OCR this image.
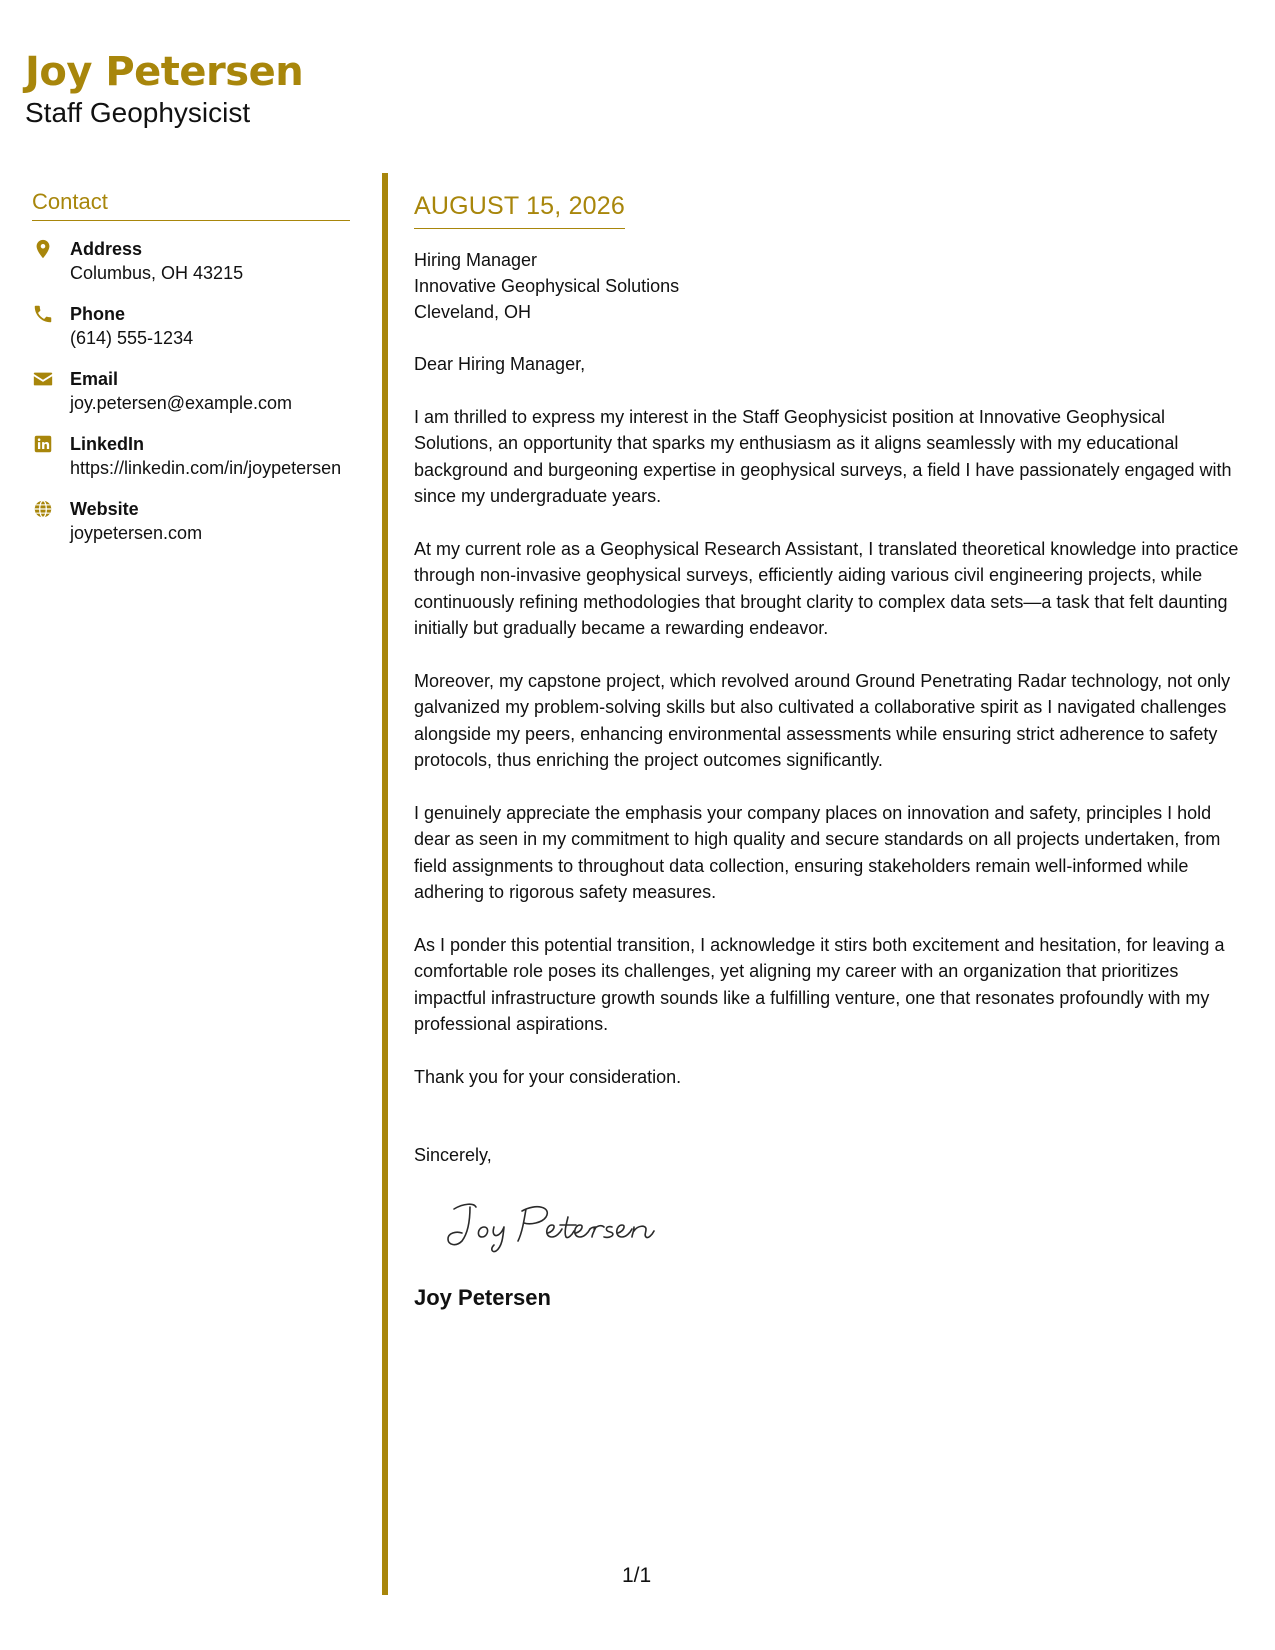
Joy Petersen
Staff Geophysicist
Contact
Address
Columbus, OH 43215
Phone
(614) 555-1234
Email
joy.petersen@example.com
LinkedIn
https://linkedin.com/in/joypetersen
Website
joypetersen.com
AUGUST 15, 2026
Hiring Manager
Innovative Geophysical Solutions
Cleveland, OH
Dear Hiring Manager,
I am thrilled to express my interest in the Staff Geophysicist position at Innovative Geophysical Solutions, an opportunity that sparks my enthusiasm as it aligns seamlessly with my educational background and burgeoning expertise in geophysical surveys, a field I have passionately engaged with since my undergraduate years.
At my current role as a Geophysical Research Assistant, I translated theoretical knowledge into practice through non-invasive geophysical surveys, efficiently aiding various civil engineering projects, while continuously refining methodologies that brought clarity to complex data sets—a task that felt daunting initially but gradually became a rewarding endeavor.
Moreover, my capstone project, which revolved around Ground Penetrating Radar technology, not only galvanized my problem-solving skills but also cultivated a collaborative spirit as I navigated challenges alongside my peers, enhancing environmental assessments while ensuring strict adherence to safety protocols, thus enriching the project outcomes significantly.
I genuinely appreciate the emphasis your company places on innovation and safety, principles I hold dear as seen in my commitment to high quality and secure standards on all projects undertaken, from field assignments to throughout data collection, ensuring stakeholders remain well-informed while adhering to rigorous safety measures.
As I ponder this potential transition, I acknowledge it stirs both excitement and hesitation, for leaving a comfortable role poses its challenges, yet aligning my career with an organization that prioritizes impactful infrastructure growth sounds like a fulfilling venture, one that resonates profoundly with my professional aspirations.
Thank you for your consideration.
Sincerely,
Joy Petersen
1/1
